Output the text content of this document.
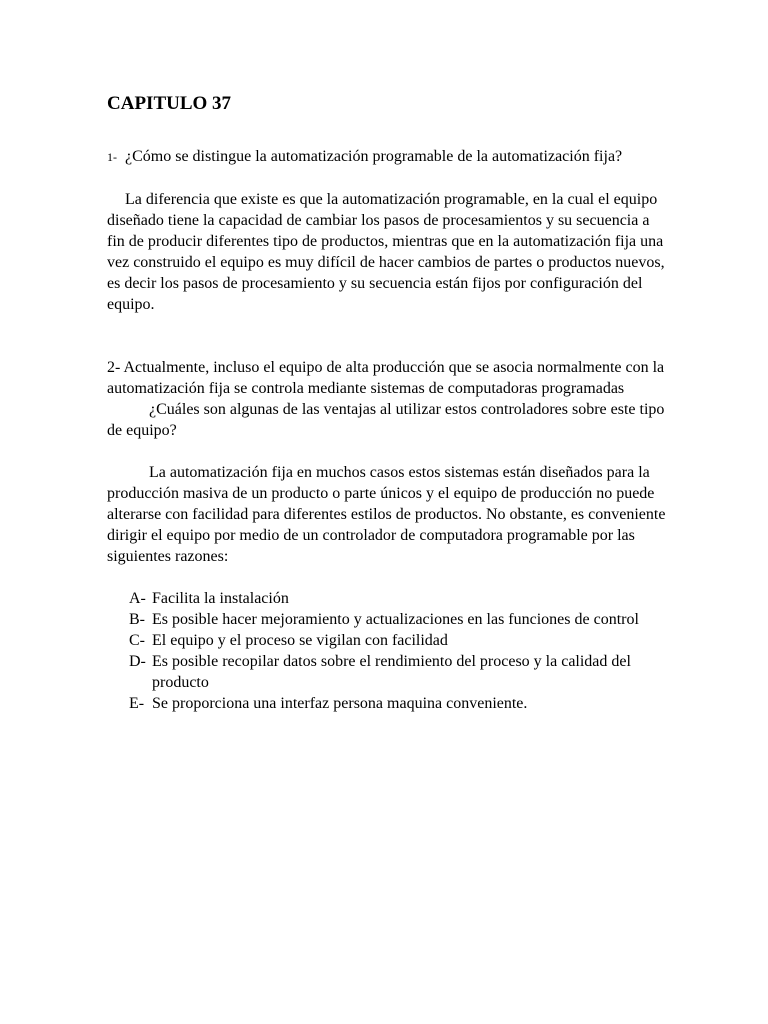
CAPITULO 37

1- ¿Cómo se distingue la automatización programable de la automatización fija?

La diferencia que existe es que la automatización programable, en la cual el equipo diseñado tiene la capacidad de cambiar los pasos de procesamientos y su secuencia a fin de producir diferentes tipo de productos, mientras que en la automatización fija una vez construido el equipo es muy difícil de hacer cambios de partes o productos nuevos, es decir los pasos de procesamiento y su secuencia están fijos por configuración del equipo.

2- Actualmente, incluso el equipo de alta producción que se asocia normalmente con la automatización fija se controla mediante sistemas de computadoras programadas

¿Cuáles son algunas de las ventajas al utilizar estos controladores sobre este tipo de equipo?

La automatización fija en muchos casos estos sistemas están diseñados para la producción masiva de un producto o parte únicos y el equipo de producción no puede alterarse con facilidad para diferentes estilos de productos. No obstante, es conveniente dirigir el equipo por medio de un controlador de computadora programable por las siguientes razones:

A- Facilita la instalación
B- Es posible hacer mejoramiento y actualizaciones en las funciones de control
C- El equipo y el proceso se vigilan con facilidad
D- Es posible recopilar datos sobre el rendimiento del proceso y la calidad del producto
E- Se proporciona una interfaz persona maquina conveniente.
